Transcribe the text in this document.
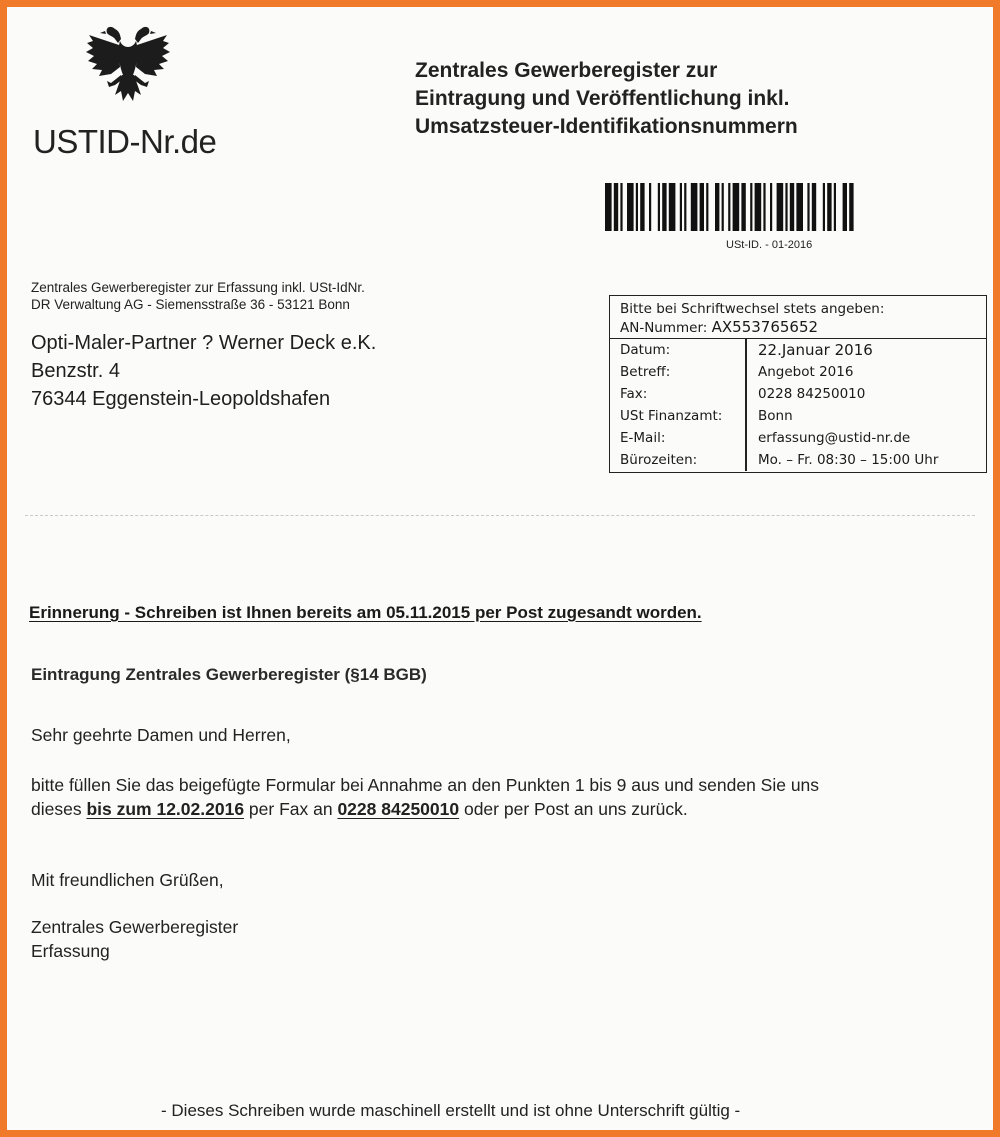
USTID-Nr.de
Zentrales Gewerberegister zur
Eintragung und Veröffentlichung inkl.
Umsatzsteuer-Identifikationsnummern
USt-ID. - 01-2016
Zentrales Gewerberegister zur Erfassung inkl. USt-IdNr.
DR Verwaltung AG - Siemensstraße 36 - 53121 Bonn
Opti-Maler-Partner ? Werner Deck e.K.
Benzstr. 4
76344 Eggenstein-Leopoldshafen
Bitte bei Schriftwechsel stets angeben:
AN-Nummer: AX553765652
Datum:	22.Januar 2016
Betreff:	Angebot 2016
Fax:	0228 84250010
USt Finanzamt:	Bonn
E-Mail:	erfassung@ustid-nr.de
Bürozeiten:	Mo. – Fr. 08:30 – 15:00 Uhr
Erinnerung - Schreiben ist Ihnen bereits am 05.11.2015 per Post zugesandt worden.
Eintragung Zentrales Gewerberegister (§14 BGB)
Sehr geehrte Damen und Herren,
bitte füllen Sie das beigefügte Formular bei Annahme an den Punkten 1 bis 9 aus und senden Sie uns
dieses bis zum 12.02.2016 per Fax an 0228 84250010 oder per Post an uns zurück.
Mit freundlichen Grüßen,
Zentrales Gewerberegister
Erfassung
- Dieses Schreiben wurde maschinell erstellt und ist ohne Unterschrift gültig -
